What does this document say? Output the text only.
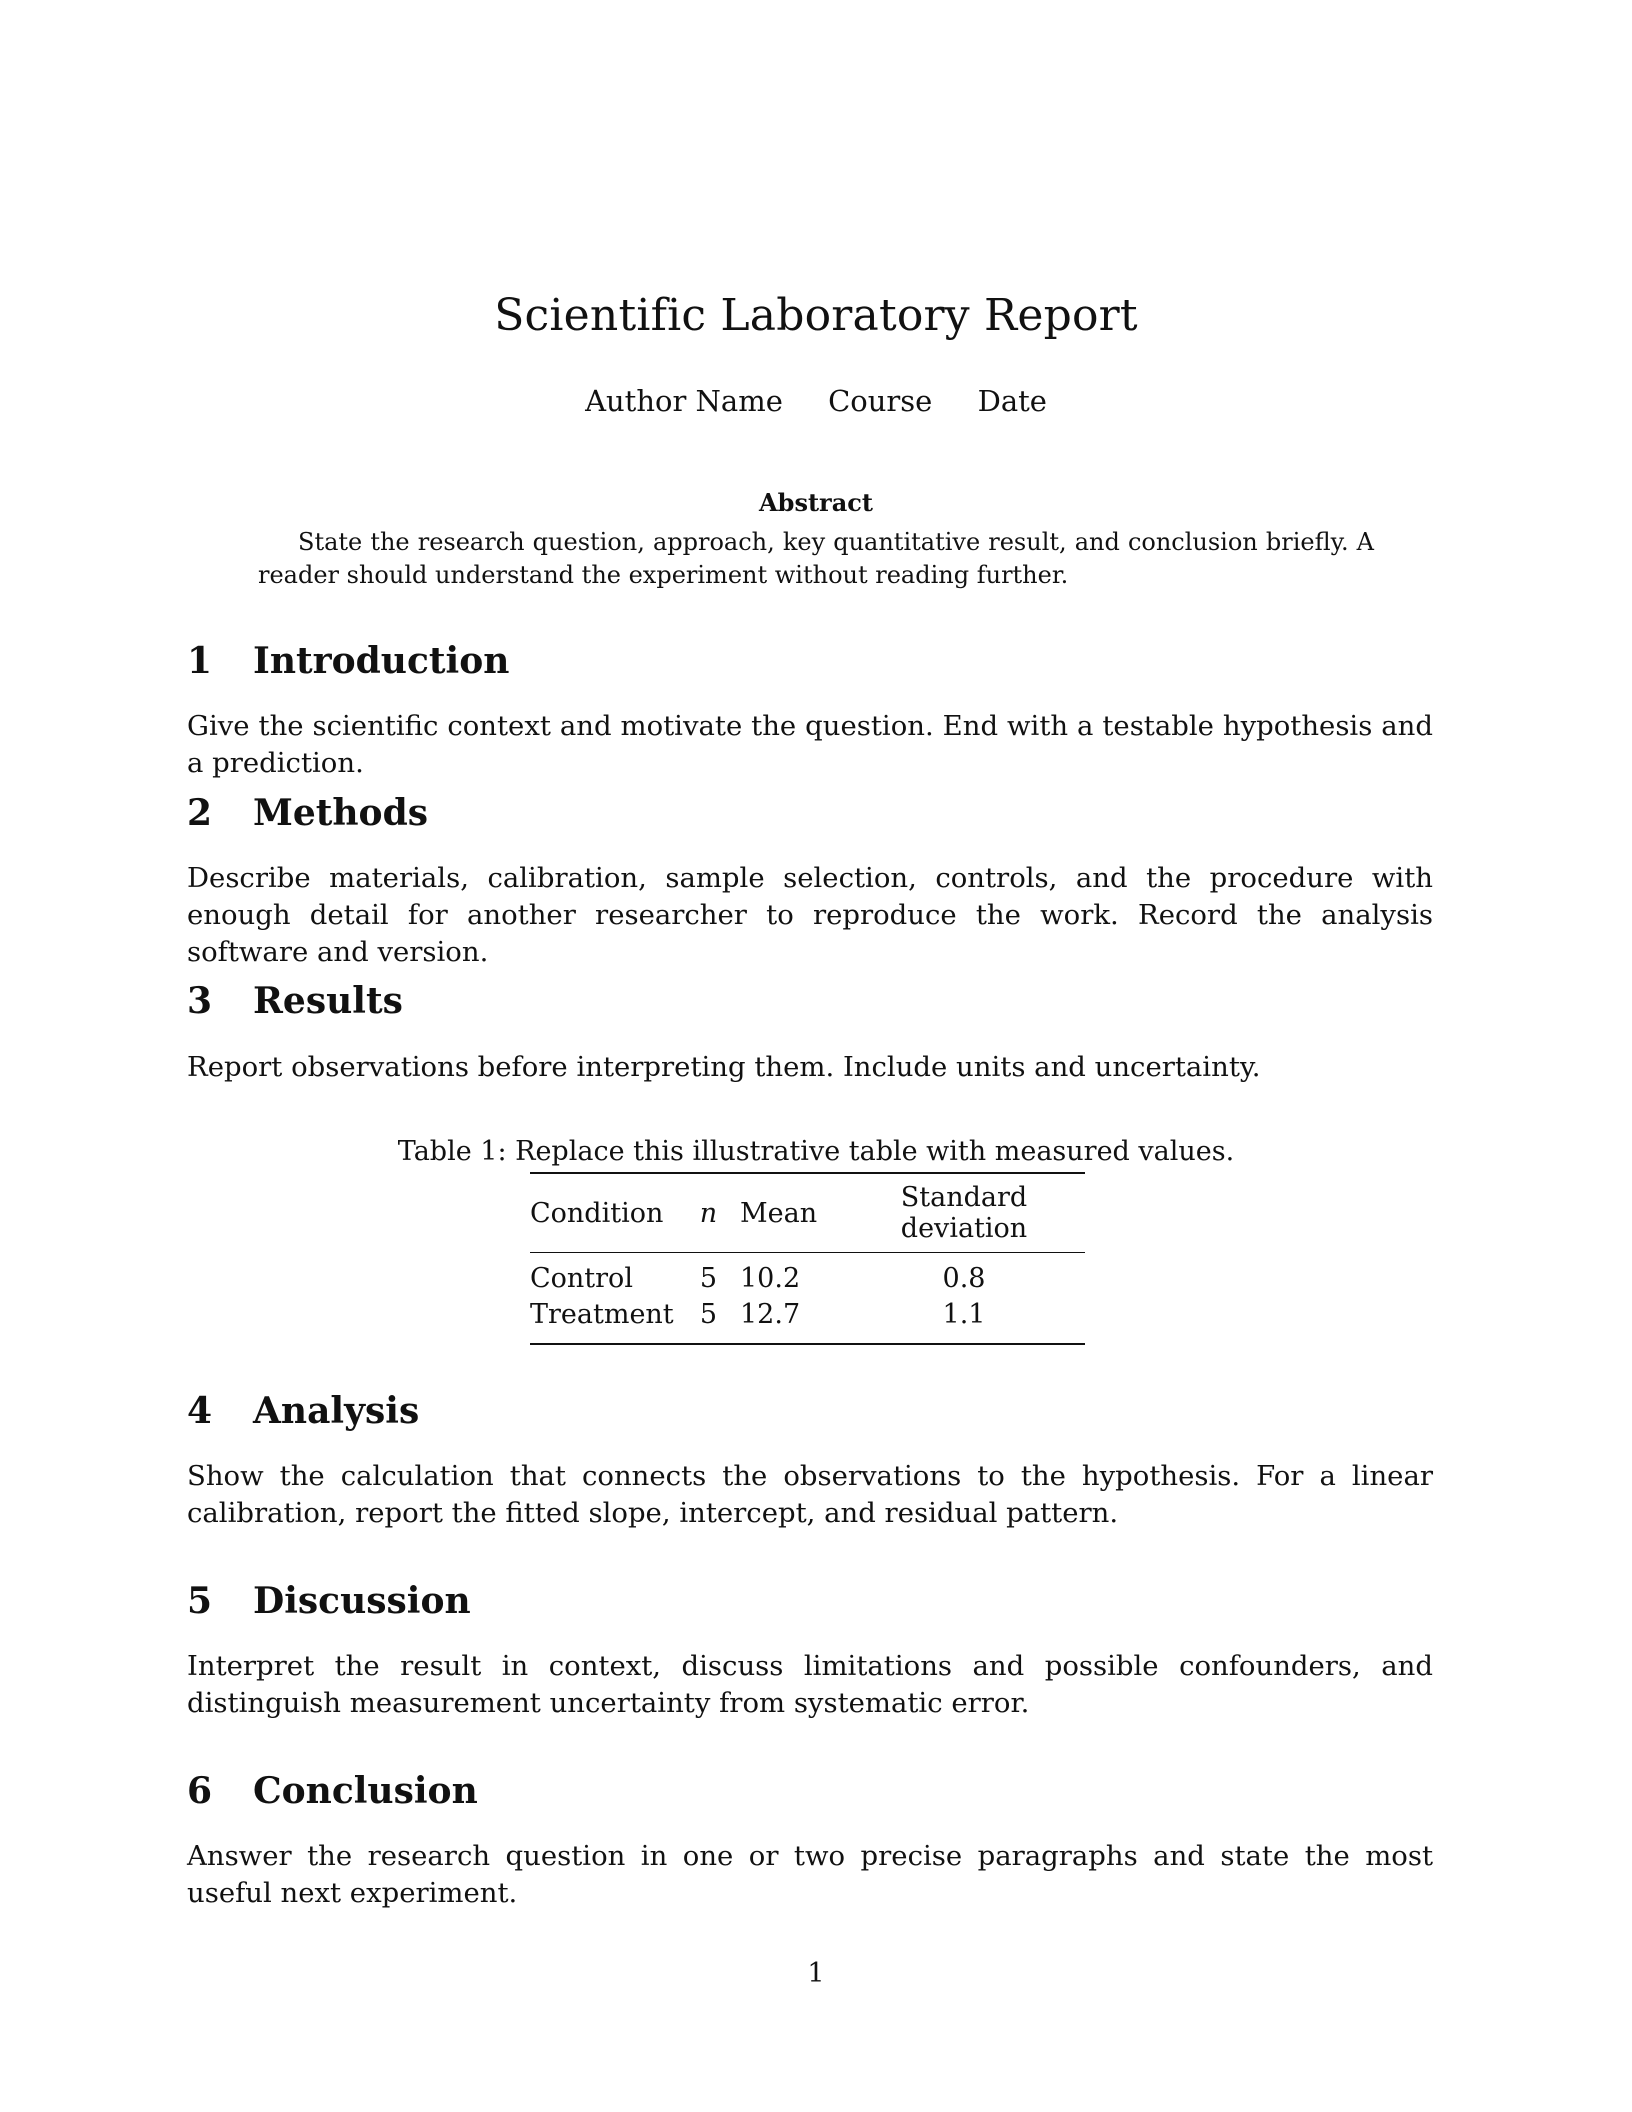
Scientific Laboratory Report
Author Name Course Date
Abstract
State the research question, approach, key quantitative result, and conclusion briefly. A reader should understand the experiment without reading further.
1 Introduction
Give the scientific context and motivate the question. End with a testable hypothesis and a prediction.
2 Methods
Describe materials, calibration, sample selection, controls, and the procedure with enough detail for another researcher to reproduce the work. Record the analysis software and version.
3 Results
Report observations before interpreting them. Include units and uncertainty.
Table 1: Replace this illustrative table with measured values.
Condition	n	Mean	Standard deviation
Control	5	10.2	0.8
Treatment	5	12.7	1.1
4 Analysis
Show the calculation that connects the observations to the hypothesis. For a linear calibration, report the fitted slope, intercept, and residual pattern.
5 Discussion
Interpret the result in context, discuss limitations and possible confounders, and distinguish measurement uncertainty from systematic error.
6 Conclusion
Answer the research question in one or two precise paragraphs and state the most useful next experiment.
1
